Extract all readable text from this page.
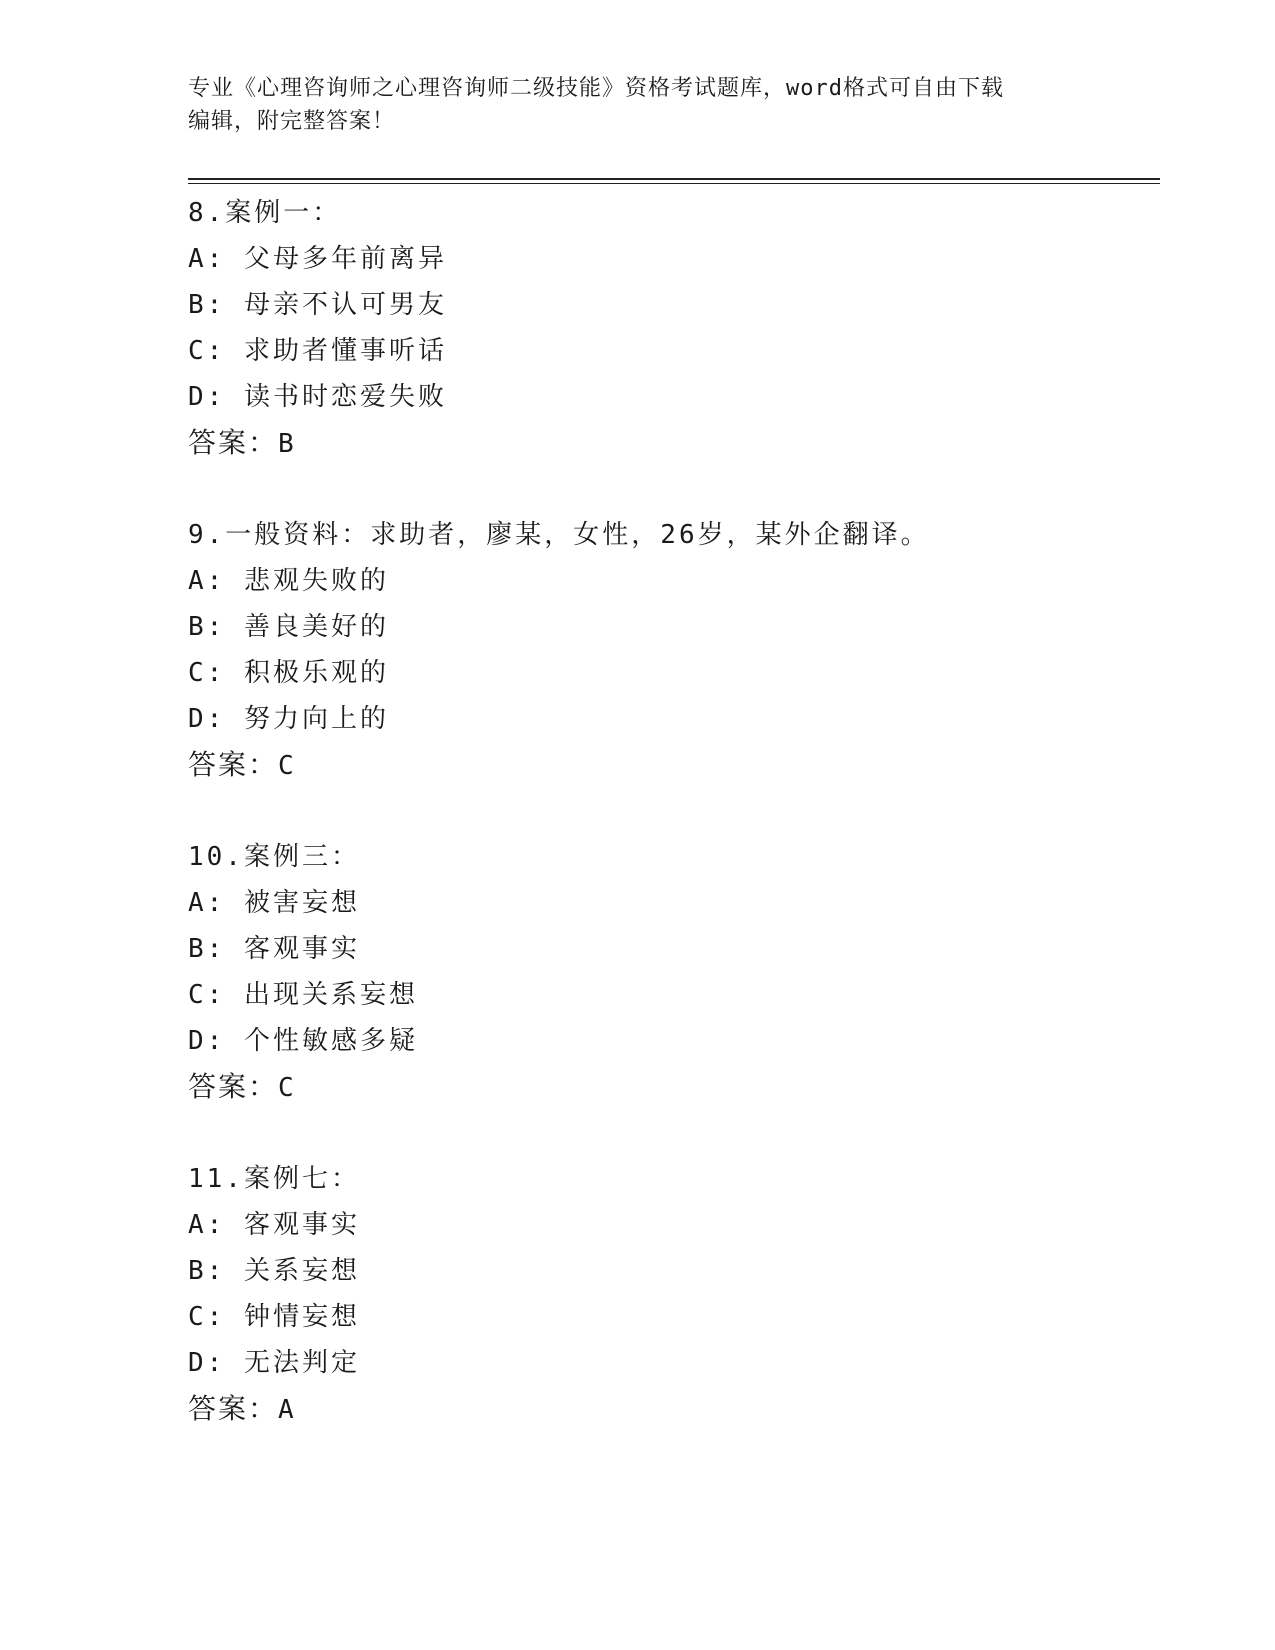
专业《心理咨询师之心理咨询师二级技能》资格考试题库，word格式可自由下载
编辑，附完整答案！
8.案例一：
A: 父母多年前离异
B: 母亲不认可男友
C: 求助者懂事听话
D: 读书时恋爱失败
答案：B
9.一般资料：求助者，廖某，女性，26岁，某外企翻译。
A: 悲观失败的
B: 善良美好的
C: 积极乐观的
D: 努力向上的
答案：C
10.案例三：
A: 被害妄想
B: 客观事实
C: 出现关系妄想
D: 个性敏感多疑
答案：C
11.案例七：
A: 客观事实
B: 关系妄想
C: 钟情妄想
D: 无法判定
答案：A
